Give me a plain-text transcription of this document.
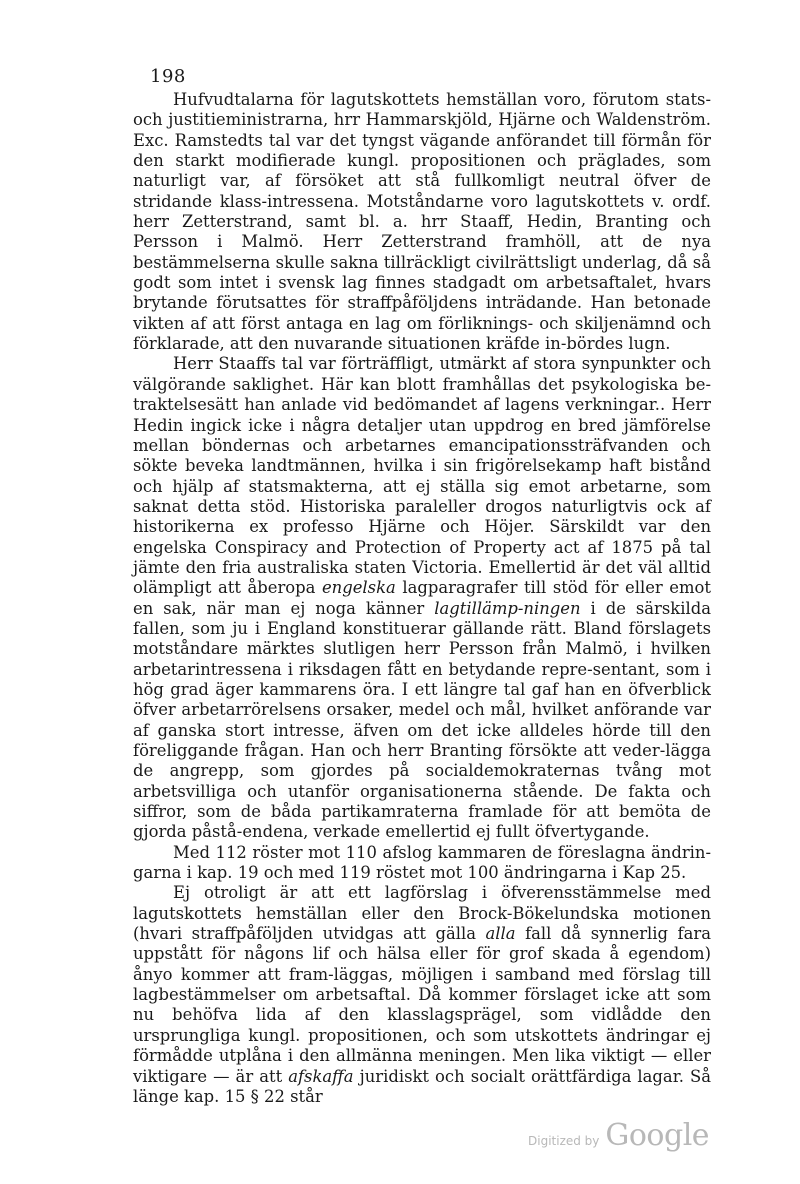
198

Hufvudtalarna för lagutskottets hemställan voro, förutom stats- och justitieministrarna, hrr Hammarskjöld, Hjärne och Waldenström. Exc. Ramstedts tal var det tyngst vägande anförandet till förmån för den starkt modifierade kungl. propositionen och präglades, som naturligt var, af försöket att stå fullkomligt neutral öfver de stridande klass-intressena. Motståndarne voro lagutskottets v. ordf. herr Zetterstrand, samt bl. a. hrr Staaff, Hedin, Branting och Persson i Malmö. Herr Zetterstrand framhöll, att de nya bestämmelserna skulle sakna tillräckligt civilrättsligt underlag, då så godt som intet i svensk lag finnes stadgadt om arbetsaftalet, hvars brytande förutsattes för straffpåföljdens inträdande. Han betonade vikten af att först antaga en lag om förliknings- och skiljenämnd och förklarade, att den nuvarande situationen kräfde in-bördes lugn.

Herr Staaffs tal var förträffligt, utmärkt af stora synpunkter och välgörande saklighet. Här kan blott framhållas det psykologiska be-traktelsesätt han anlade vid bedömandet af lagens verkningar.. Herr Hedin ingick icke i några detaljer utan uppdrog en bred jämförelse mellan böndernas och arbetarnes emancipationssträfvanden och sökte beveka landtmännen, hvilka i sin frigörelsekamp haft bistånd och hjälp af statsmakterna, att ej ställa sig emot arbetarne, som saknat detta stöd. Historiska paraleller drogos naturligtvis ock af historikerna ex professo Hjärne och Höjer. Särskildt var den engelska Conspiracy and Protection of Property act af 1875 på tal jämte den fria australiska staten Victoria. Emellertid är det väl alltid olämpligt att åberopa engelska lagparagrafer till stöd för eller emot en sak, när man ej noga känner lagtillämp-ningen i de särskilda fallen, som ju i England konstituerar gällande rätt. Bland förslagets motståndare märktes slutligen herr Persson från Malmö, i hvilken arbetarintressena i riksdagen fått en betydande repre-sentant, som i hög grad äger kammarens öra. I ett längre tal gaf han en öfverblick öfver arbetarrörelsens orsaker, medel och mål, hvilket anförande var af ganska stort intresse, äfven om det icke alldeles hörde till den föreliggande frågan. Han och herr Branting försökte att veder-lägga de angrepp, som gjordes på socialdemokraternas tvång mot arbetsvilliga och utanför organisationerna stående. De fakta och siffror, som de båda partikamraterna framlade för att bemöta de gjorda påstå-endena, verkade emellertid ej fullt öfvertygande.

Med 112 röster mot 110 afslog kammaren de föreslagna ändrin-garna i kap. 19 och med 119 röstet mot 100 ändringarna i Kap 25.

Ej otroligt är att ett lagförslag i öfverensstämmelse med lagutskottets hemställan eller den Brock-Bökelundska motionen (hvari straffpåföljden utvidgas att gälla alla fall då synnerlig fara uppstått för någons lif och hälsa eller för grof skada å egendom) ånyo kommer att fram-läggas, möjligen i samband med förslag till lagbestämmelser om arbetsaftal. Då kommer förslaget icke att som nu behöfva lida af den klasslagsprägel, som vidlådde den ursprungliga kungl. propositionen, och som utskottets ändringar ej förmådde utplåna i den allmänna meningen. Men lika viktigt — eller viktigare — är att afskaffa juridiskt och socialt orättfärdiga lagar. Så länge kap. 15 § 22 står

Digitized by Google
